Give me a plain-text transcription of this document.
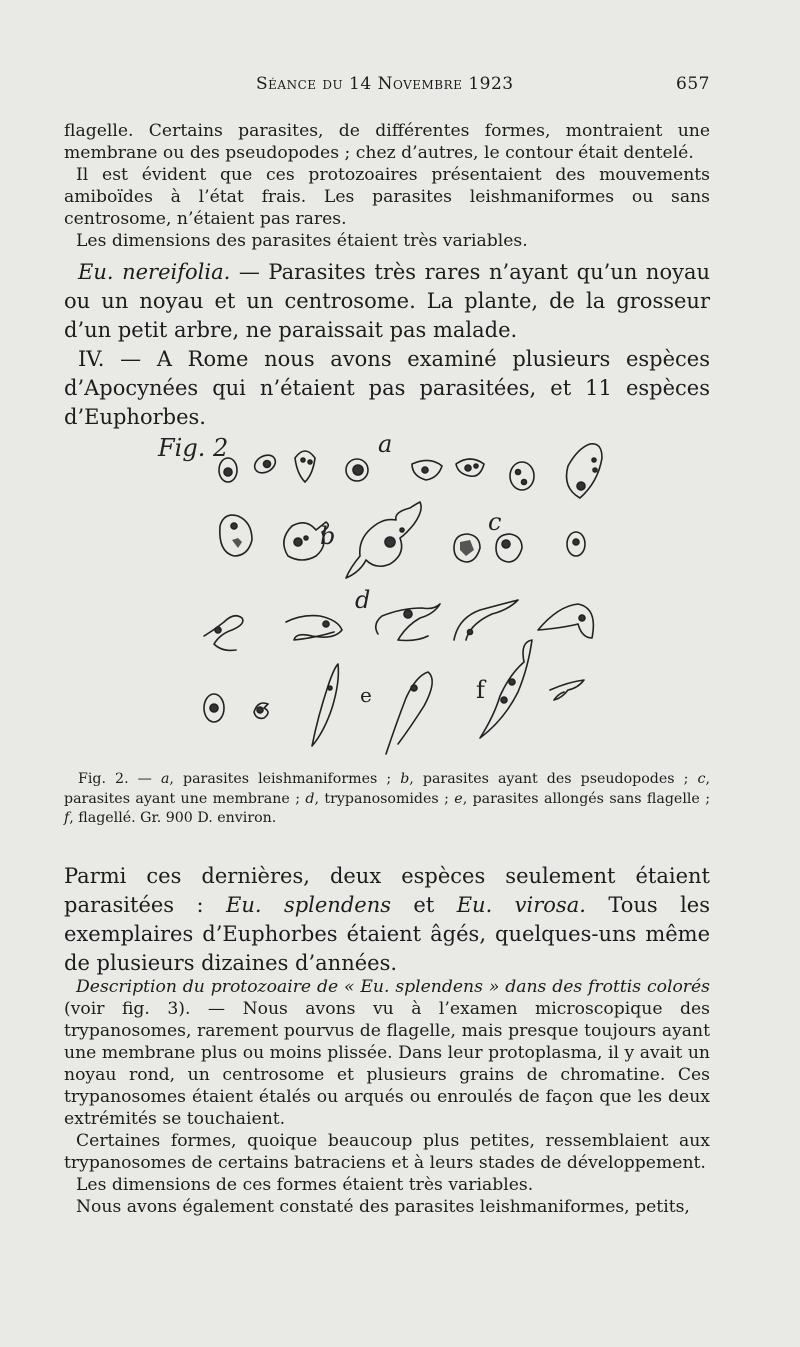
Séance du 14 Novembre 1923	657

flagelle. Certains parasites, de différentes formes, montraient une membrane ou des pseudopodes ; chez d’autres, le contour était dentelé.

Il est évident que ces protozoaires présentaient des mouvements amiboïdes à l’état frais. Les parasites leishmaniformes ou sans centrosome, n’étaient pas rares.

Les dimensions des parasites étaient très variables.

Eu. nereifolia. — Parasites très rares n’ayant qu’un noyau ou un noyau et un centrosome. La plante, de la grosseur d’un petit arbre, ne paraissait pas malade.

IV. — A Rome nous avons examiné plusieurs espèces d’Apocynées qui n’étaient pas parasitées, et 11 espèces d’Euphorbes.

Fig. 2	a
b	c
d
e	f
Fig. 2. — a, parasites leishmaniformes ; b, parasites ayant des pseudopodes ; c, parasites ayant une membrane ; d, trypanosomides ; e, parasites allongés sans flagelle ; f, flagellé. Gr. 900 D. environ.

Parmi ces dernières, deux espèces seulement étaient parasitées : Eu. splendens et Eu. virosa. Tous les exemplaires d’Euphorbes étaient âgés, quelques-uns même de plusieurs dizaines d’années.

Description du protozoaire de « Eu. splendens » dans des frottis colorés (voir fig. 3). — Nous avons vu à l’examen microscopique des trypanosomes, rarement pourvus de flagelle, mais presque toujours ayant une membrane plus ou moins plissée. Dans leur protoplasma, il y avait un noyau rond, un centrosome et plusieurs grains de chromatine. Ces trypanosomes étaient étalés ou arqués ou enroulés de façon que les deux extrémités se touchaient.

Certaines formes, quoique beaucoup plus petites, ressemblaient aux trypanosomes de certains batraciens et à leurs stades de développement.

Les dimensions de ces formes étaient très variables.

Nous avons également constaté des parasites leishmaniformes, petits,
